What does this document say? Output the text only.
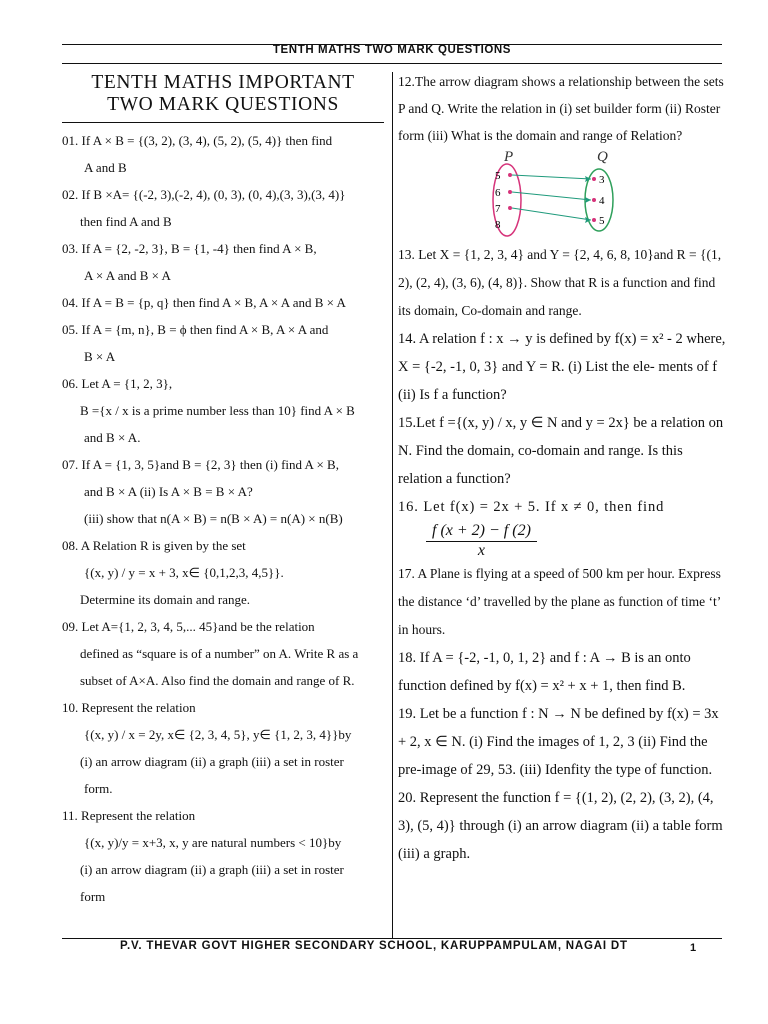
TENTH MATHS TWO MARK QUESTIONS
TENTH MATHS IMPORTANT
TWO MARK QUESTIONS
01. If A × B = {(3, 2), (3, 4), (5, 2), (5, 4)} then find
A and B
02. If B ×A= {(-2, 3),(-2, 4), (0, 3), (0, 4),(3, 3),(3, 4)}
then find A and B
03. If A = {2, -2, 3}, B = {1, -4} then find A × B,
A × A and B × A
04. If A = B = {p, q} then find A × B, A × A and B × A
05. If A = {m, n}, B = ϕ then find A × B, A × A and
B × A
06. Let A = {1, 2, 3},
B ={x / x is a prime number less than 10} find A × B
and B × A.
07. If A = {1, 3, 5}and B = {2, 3} then (i) find A × B,
and B × A (ii) Is A × B = B × A?
(iii) show that n(A × B) = n(B × A) = n(A) × n(B)
08. A Relation R is given by the set
{(x, y) / y = x + 3, x∈ {0,1,2,3, 4,5}}.
Determine its domain and range.
09. Let A={1, 2, 3, 4, 5,... 45}and be the relation
defined as “square is of a number” on A. Write R as a
subset of A×A. Also find the domain and range of R.
10. Represent the relation
{(x, y) / x = 2y, x∈ {2, 3, 4, 5}, y∈ {1, 2, 3, 4}}by
(i) an arrow diagram (ii) a graph (iii) a set in roster
form.
11. Represent the relation
{(x, y)/y = x+3, x, y are natural numbers < 10}by
(i) an arrow diagram (ii) a graph (iii) a set in roster
form
12.The arrow diagram shows a relationship between the sets P and Q. Write the relation in (i) set builder form (ii) Roster form (iii) What is the domain and range of Relation?
P	Q
5
6
7
8
3
4
5
13. Let X = {1, 2, 3, 4} and Y = {2, 4, 6, 8, 10}and R = {(1, 2), (2, 4), (3, 6), (4, 8)}. Show that R is a function and find its domain, Co-domain and range.
14. A relation f : x → y is defined by f(x) = x² - 2 where, X = {-2, -1, 0, 3} and Y = R. (i) List the ele- ments of f (ii) Is f a function?
15.Let f ={(x, y) / x, y ∈ N and y = 2x} be a relation on N. Find the domain, co-domain and range. Is this relation a function?
16. Let f(x) = 2x + 5. If x ≠ 0, then find
$\frac{f (x + 2) - f (2)}{x}$
17. A Plane is flying at a speed of 500 km per hour. Express the distance ‘d’ travelled by the plane as function of time ‘t’ in hours.
18. If A = {-2, -1, 0, 1, 2} and f : A → B is an onto function defined by f(x) = x² + x + 1, then find B.
19. Let be a function f : N → N be defined by f(x) = 3x + 2, x ∈ N. (i) Find the images of 1, 2, 3 (ii) Find the pre-image of 29, 53. (iii) Idenfity the type of function.
20. Represent the function f = {(1, 2), (2, 2), (3, 2), (4, 3), (5, 4)} through (i) an arrow diagram (ii) a table form (iii) a graph.
P.V. THEVAR GOVT HIGHER SECONDARY SCHOOL, KARUPPAMPULAM, NAGAI DT	1
